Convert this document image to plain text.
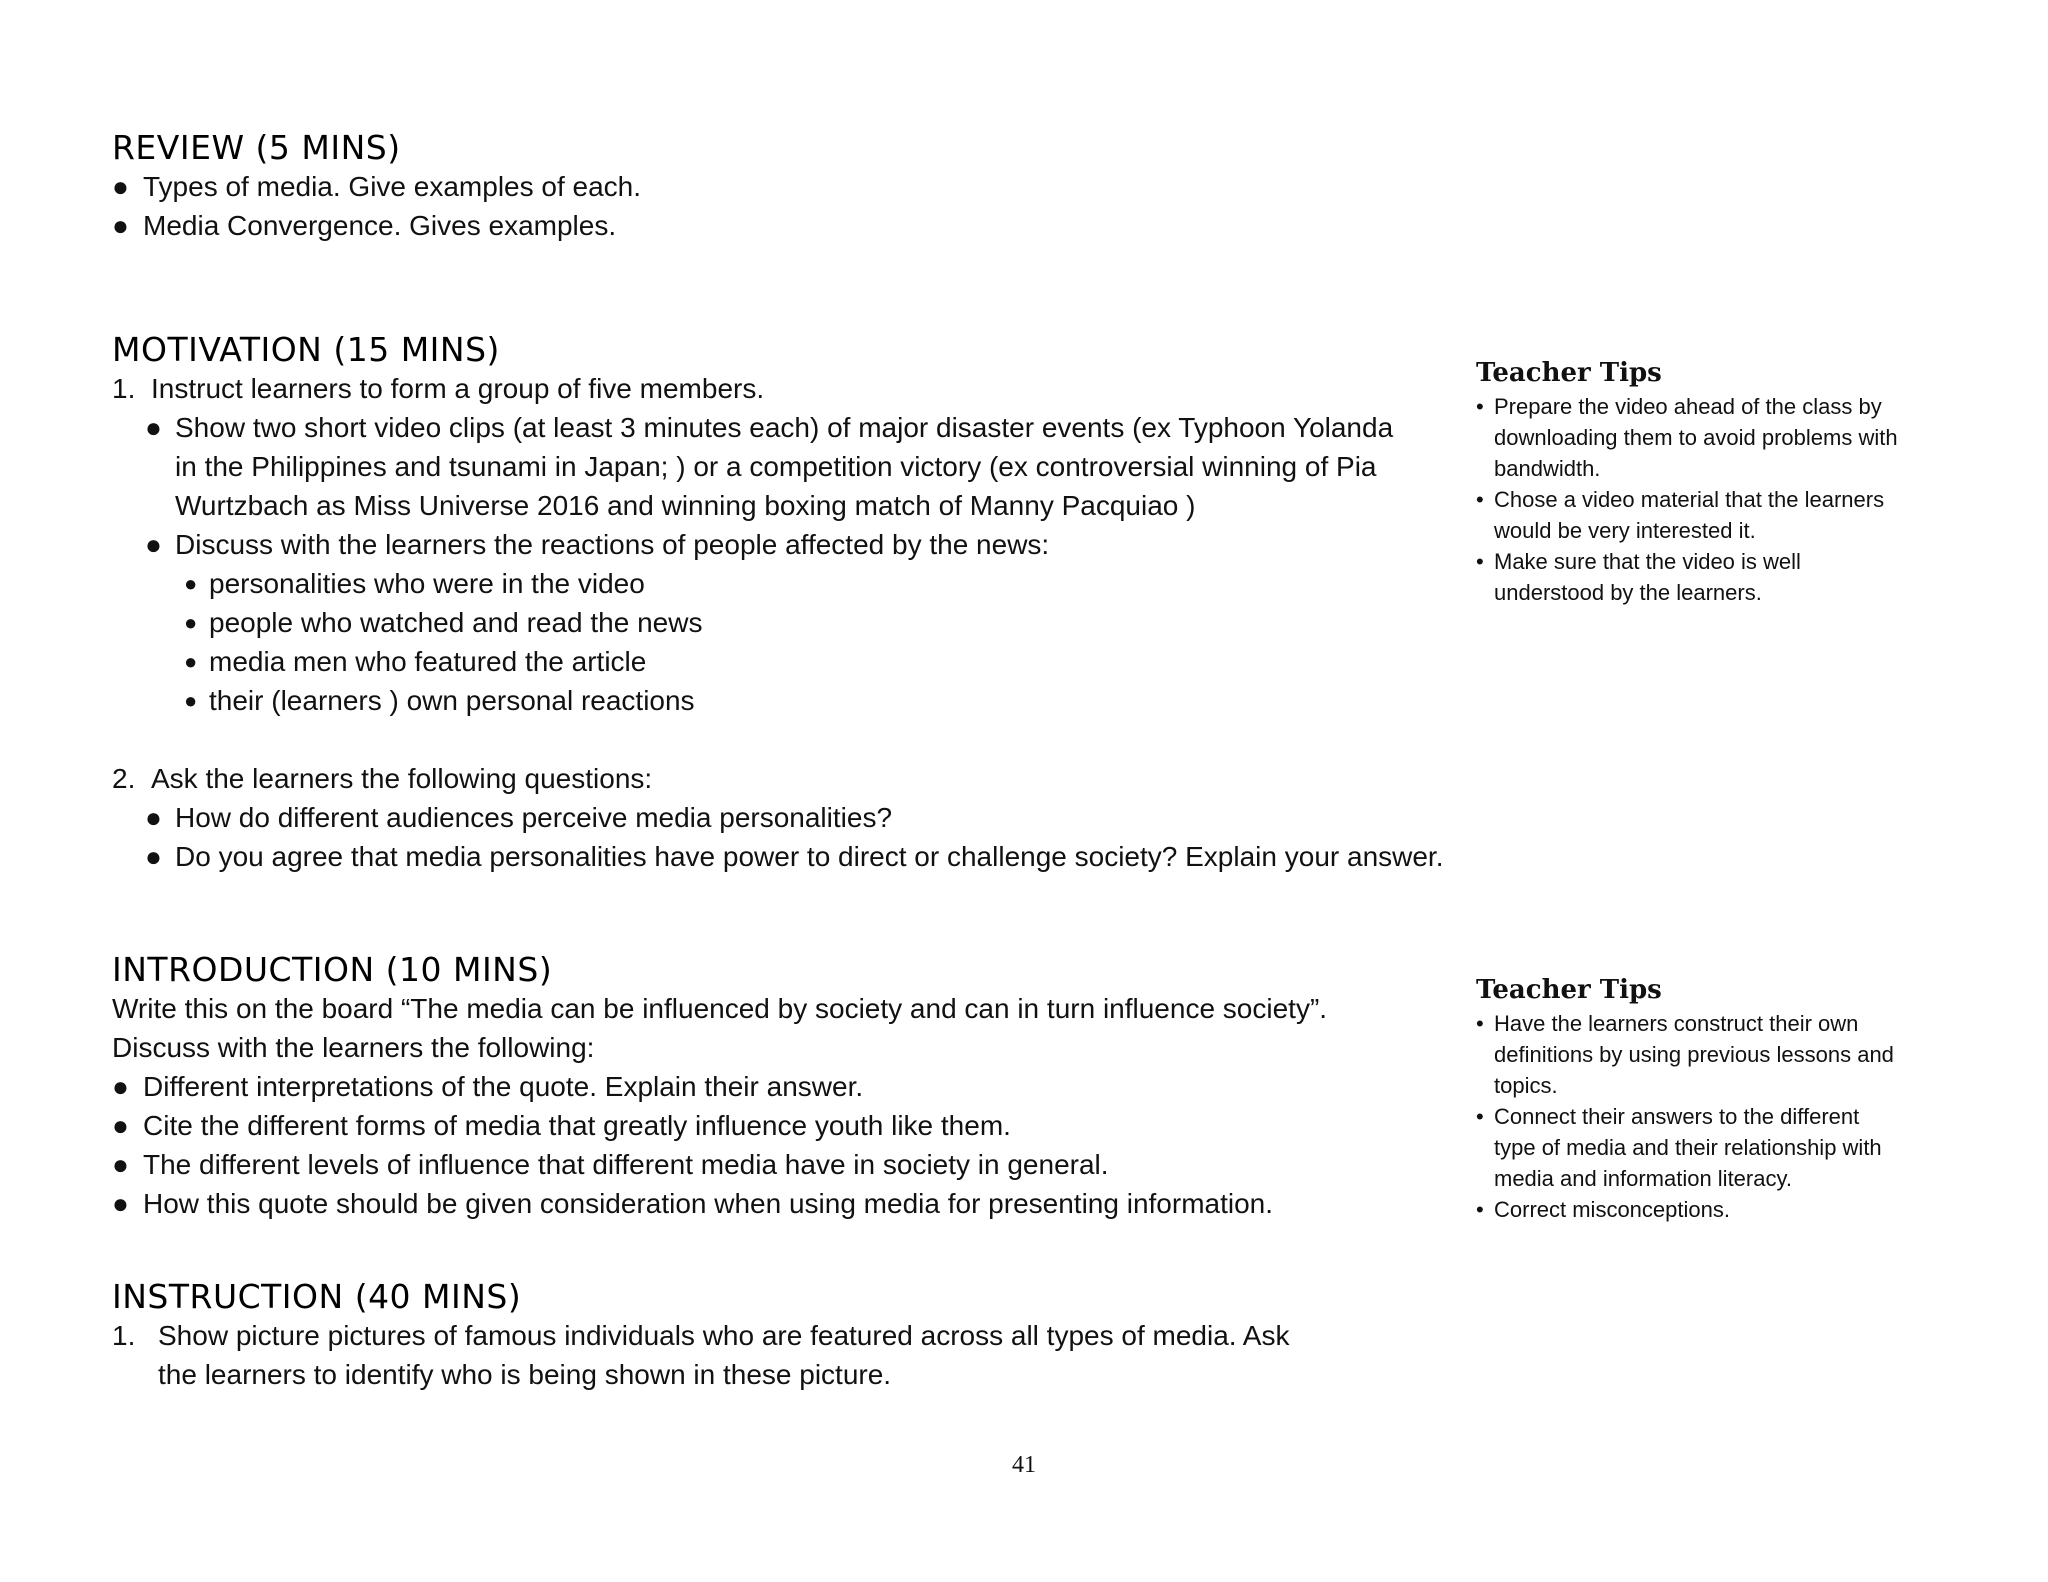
REVIEW (5 MINS)
● Types of media. Give examples of each.
● Media Convergence. Gives examples.
MOTIVATION (15 MINS)
1. Instruct learners to form a group of five members.
● Show two short video clips (at least 3 minutes each) of major disaster events (ex Typhoon Yolanda
in the Philippines and tsunami in Japan; ) or a competition victory (ex controversial winning of Pia
Wurtzbach as Miss Universe 2016 and winning boxing match of Manny Pacquiao )
● Discuss with the learners the reactions of people affected by the news:
● personalities who were in the video
● people who watched and read the news
● media men who featured the article
● their (learners ) own personal reactions
2. Ask the learners the following questions:
● How do different audiences perceive media personalities?
● Do you agree that media personalities have power to direct or challenge society? Explain your answer.
Teacher Tips
• Prepare the video ahead of the class by
downloading them to avoid problems with
bandwidth.
• Chose a video material that the learners
would be very interested it.
• Make sure that the video is well
understood by the learners.
INTRODUCTION (10 MINS)
Write this on the board “The media can be influenced by society and can in turn influence society”.
Discuss with the learners the following:
● Different interpretations of the quote. Explain their answer.
● Cite the different forms of media that greatly influence youth like them.
● The different levels of influence that different media have in society in general.
● How this quote should be given consideration when using media for presenting information.
Teacher Tips
• Have the learners construct their own
definitions by using previous lessons and
topics.
• Connect their answers to the different
type of media and their relationship with
media and information literacy.
• Correct misconceptions.
INSTRUCTION (40 MINS)
1. Show picture pictures of famous individuals who are featured across all types of media. Ask
the learners to identify who is being shown in these picture.
41
